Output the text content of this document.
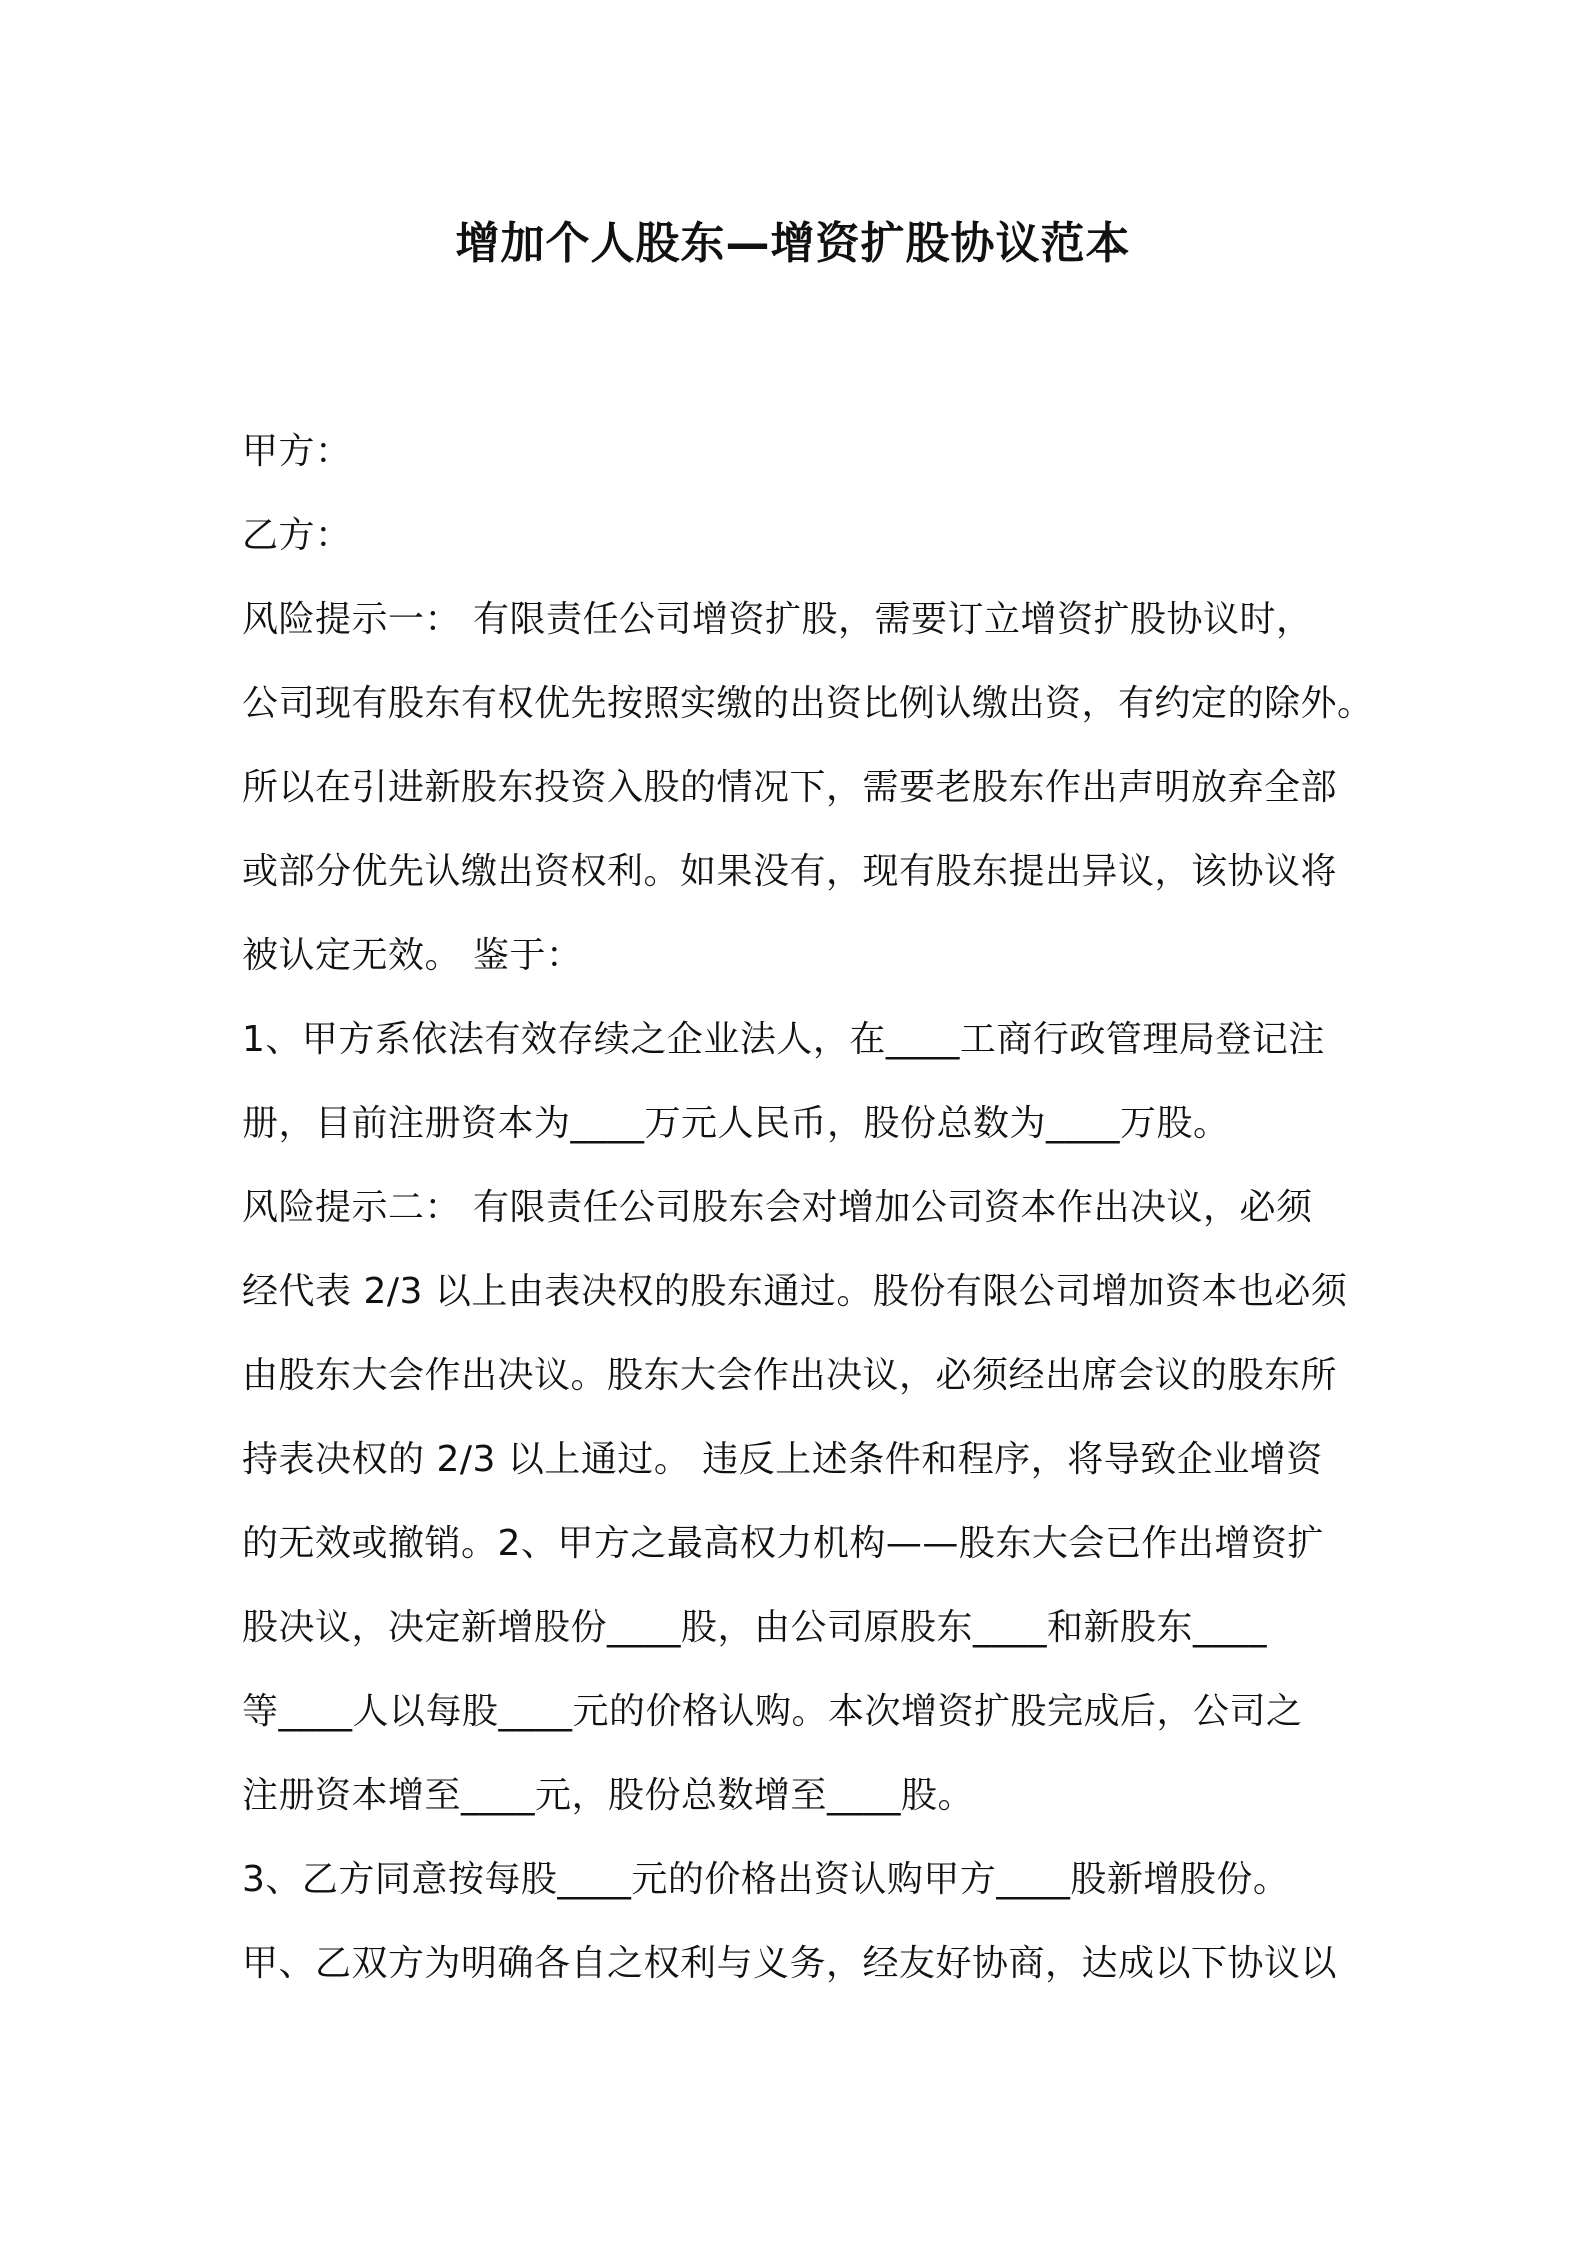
增加个人股东—增资扩股协议范本
甲方：
乙方：
风险提示一： 有限责任公司增资扩股，需要订立增资扩股协议时，
公司现有股东有权优先按照实缴的出资比例认缴出资，有约定的除外。
所以在引进新股东投资入股的情况下，需要老股东作出声明放弃全部
或部分优先认缴出资权利。如果没有，现有股东提出异议，该协议将
被认定无效。 鉴于：
1、甲方系依法有效存续之企业法人，在____工商行政管理局登记注
册，目前注册资本为____万元人民币，股份总数为____万股。
风险提示二： 有限责任公司股东会对增加公司资本作出决议，必须
经代表 2/3 以上由表决权的股东通过。股份有限公司增加资本也必须
由股东大会作出决议。股东大会作出决议，必须经出席会议的股东所
持表决权的 2/3 以上通过。 违反上述条件和程序，将导致企业增资
的无效或撤销。2、甲方之最高权力机构——股东大会已作出增资扩
股决议，决定新增股份____股，由公司原股东____和新股东____
等____人以每股____元的价格认购。本次增资扩股完成后，公司之
注册资本增至____元，股份总数增至____股。
3、乙方同意按每股____元的价格出资认购甲方____股新增股份。
甲、乙双方为明确各自之权利与义务，经友好协商，达成以下协议以
